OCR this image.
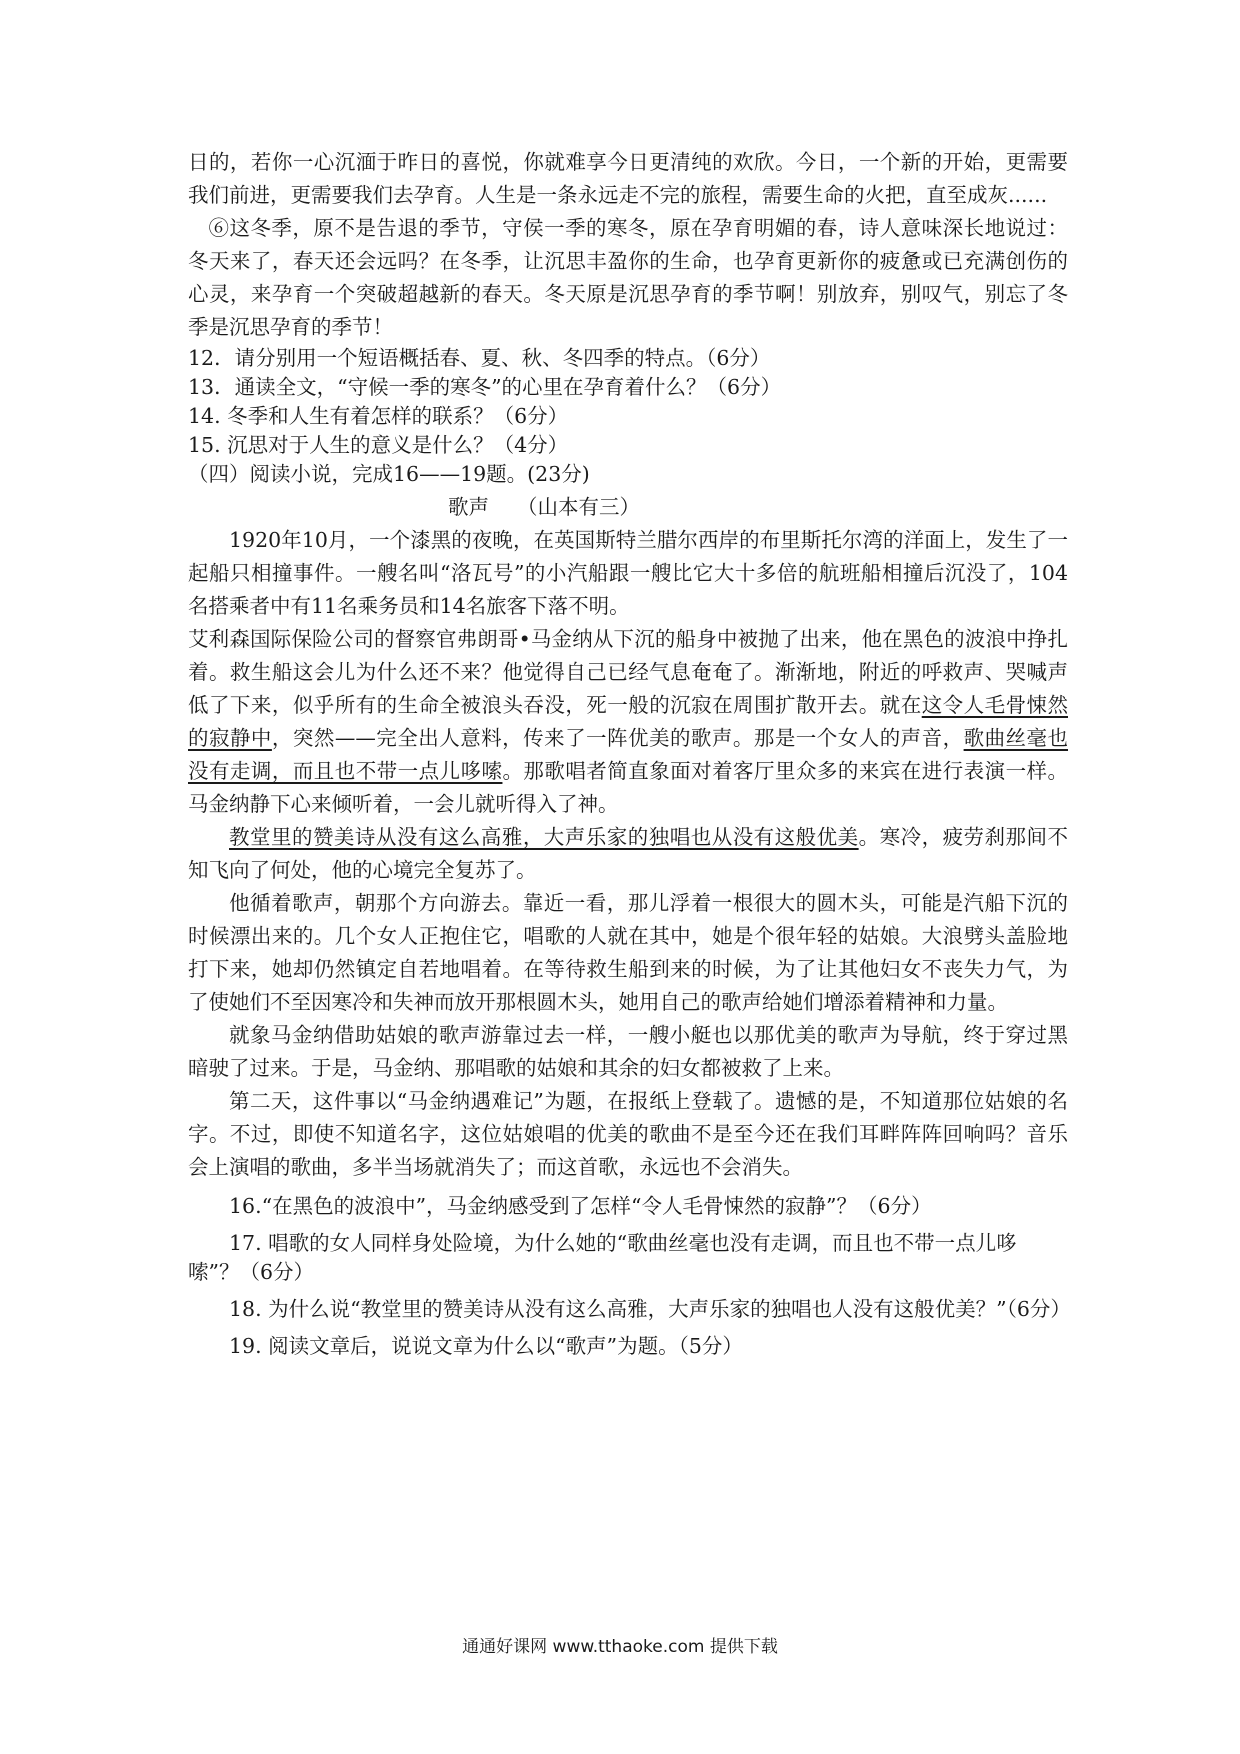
日的，若你一心沉湎于昨日的喜悦，你就难享今日更清纯的欢欣。今日，一个新的开始，更需要我们前进，更需要我们去孕育。人生是一条永远走不完的旅程，需要生命的火把，直至成灰......

⑥这冬季，原不是告退的季节，守侯一季的寒冬，原在孕育明媚的春，诗人意味深长地说过：冬天来了，春天还会远吗？在冬季，让沉思丰盈你的生命，也孕育更新你的疲惫或已充满创伤的心灵，来孕育一个突破超越新的春天。冬天原是沉思孕育的季节啊！别放弃，别叹气，别忘了冬季是沉思孕育的季节！

12．请分别用一个短语概括春、夏、秋、冬四季的特点。（6分）

13．通读全文，“守候一季的寒冬”的心里在孕育着什么？（6分）

14. 冬季和人生有着怎样的联系？（6分）

15. 沉思对于人生的意义是什么？（4分）

（四）阅读小说，完成16——19题。(23分)

歌声 （山本有三）

1920年10月，一个漆黑的夜晚，在英国斯特兰腊尔西岸的布里斯托尔湾的洋面上，发生了一起船只相撞事件。一艘名叫“洛瓦号”的小汽船跟一艘比它大十多倍的航班船相撞后沉没了，104名搭乘者中有11名乘务员和14名旅客下落不明。

艾利森国际保险公司的督察官弗朗哥•马金纳从下沉的船身中被抛了出来，他在黑色的波浪中挣扎着。救生船这会儿为什么还不来？他觉得自己已经气息奄奄了。渐渐地，附近的呼救声、哭喊声低了下来，似乎所有的生命全被浪头吞没，死一般的沉寂在周围扩散开去。就在这令人毛骨悚然的寂静中，突然——完全出人意料，传来了一阵优美的歌声。那是一个女人的声音，歌曲丝毫也没有走调，而且也不带一点儿哆嗦。那歌唱者简直象面对着客厅里众多的来宾在进行表演一样。马金纳静下心来倾听着，一会儿就听得入了神。

教堂里的赞美诗从没有这么高雅，大声乐家的独唱也从没有这般优美。寒冷，疲劳刹那间不知飞向了何处，他的心境完全复苏了。

他循着歌声，朝那个方向游去。靠近一看，那儿浮着一根很大的圆木头，可能是汽船下沉的时候漂出来的。几个女人正抱住它，唱歌的人就在其中，她是个很年轻的姑娘。大浪劈头盖脸地打下来，她却仍然镇定自若地唱着。在等待救生船到来的时候，为了让其他妇女不丧失力气，为了使她们不至因寒冷和失神而放开那根圆木头，她用自己的歌声给她们增添着精神和力量。

就象马金纳借助姑娘的歌声游靠过去一样，一艘小艇也以那优美的歌声为导航，终于穿过黑暗驶了过来。于是，马金纳、那唱歌的姑娘和其余的妇女都被救了上来。

第二天，这件事以“马金纳遇难记”为题，在报纸上登载了。遗憾的是，不知道那位姑娘的名字。不过，即使不知道名字，这位姑娘唱的优美的歌曲不是至今还在我们耳畔阵阵回响吗？音乐会上演唱的歌曲，多半当场就消失了；而这首歌，永远也不会消失。

16.“在黑色的波浪中”，马金纳感受到了怎样“令人毛骨悚然的寂静”？（6分）

17. 唱歌的女人同样身处险境，为什么她的“歌曲丝毫也没有走调，而且也不带一点儿哆嗦”？（6分）

18. 为什么说“教堂里的赞美诗从没有这么高雅，大声乐家的独唱也人没有这般优美？”（6分）

19. 阅读文章后，说说文章为什么以“歌声”为题。（5分）

通通好课网 www.tthaoke.com 提供下载
